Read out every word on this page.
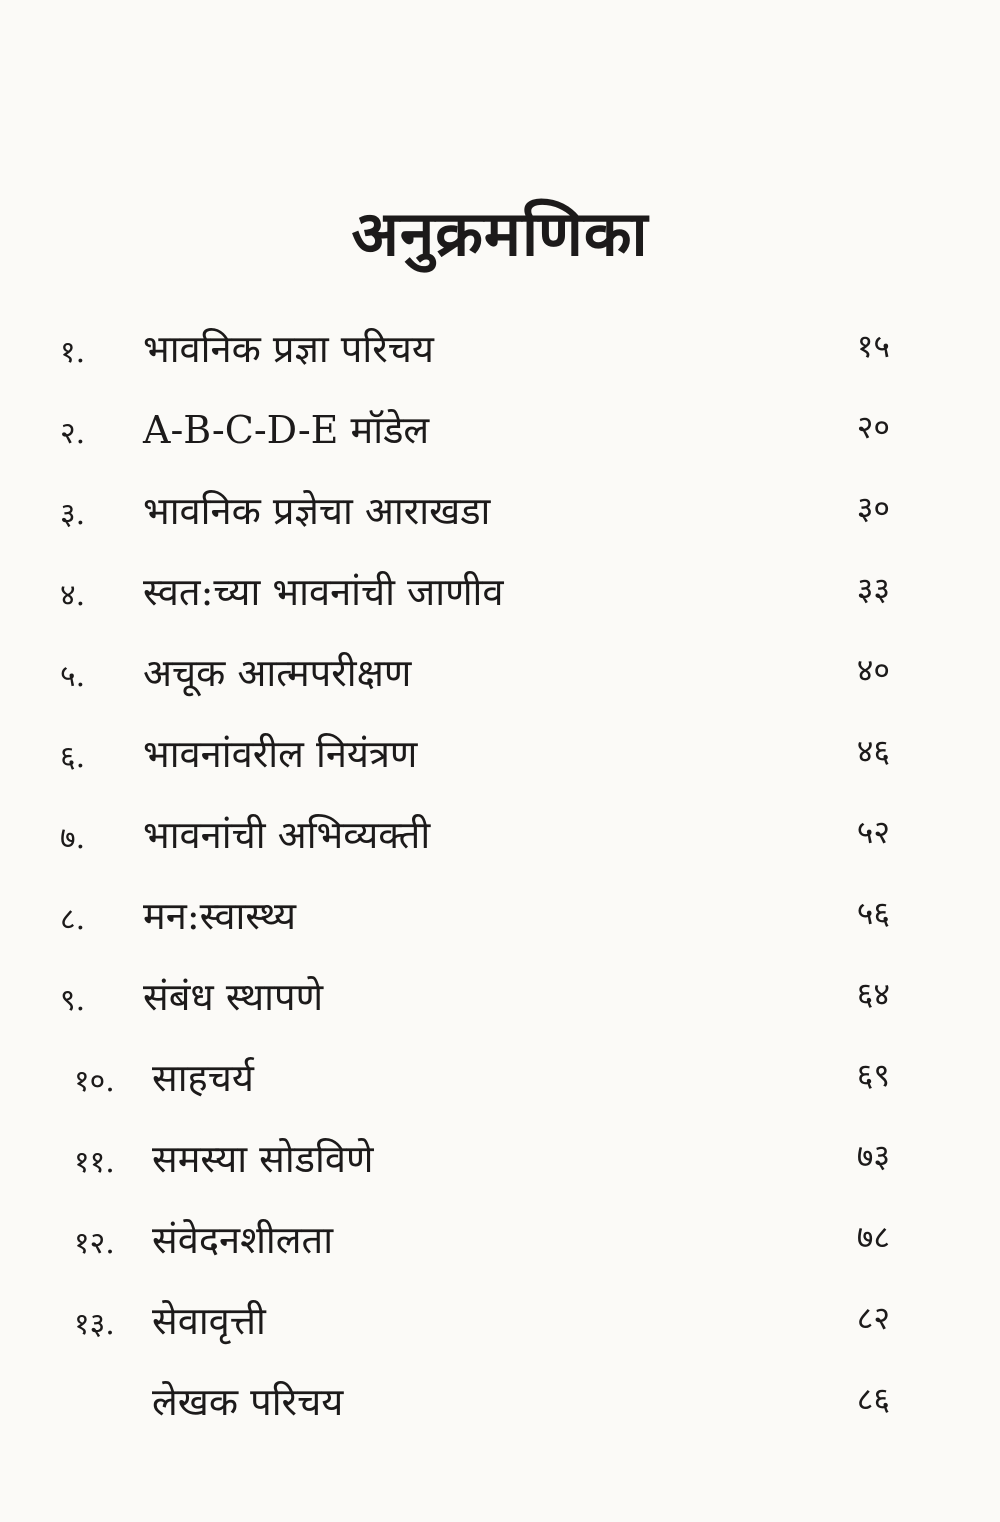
अनुक्रमणिका
१.	भावनिक प्रज्ञा परिचय	१५
२.	A-B-C-D-E मॉडेल	२०
३.	भावनिक प्रज्ञेचा आराखडा	३०
४.	स्वत:च्या भावनांची जाणीव	३३
५.	अचूक आत्मपरीक्षण	४०
६.	भावनांवरील नियंत्रण	४६
७.	भावनांची अभिव्यक्ती	५२
८.	मन:स्वास्थ्य	५६
९.	संबंध स्थापणे	६४
१०. साहचर्य	६९
११. समस्या सोडविणे	७३
१२. संवेदनशीलता	७८
१३. सेवावृत्ती	८२
लेखक परिचय	८६
